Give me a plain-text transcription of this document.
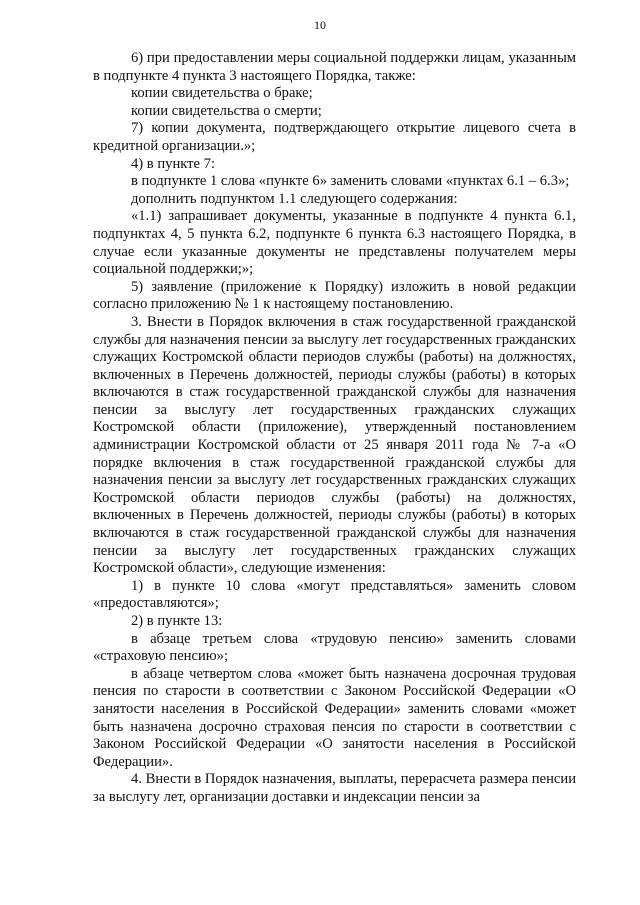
10

6) при предоставлении меры социальной поддержки лицам, указанным в подпункте 4 пункта 3 настоящего Порядка, также:

копии свидетельства о браке;

копии свидетельства о смерти;

7) копии документа, подтверждающего открытие лицевого счета в кредитной организации.»;

4) в пункте 7:

в подпункте 1 слова «пункте 6» заменить словами «пунктах 6.1 – 6.3»;

дополнить подпунктом 1.1 следующего содержания:

«1.1) запрашивает документы, указанные в подпункте 4 пункта 6.1, подпунктах 4, 5 пункта 6.2, подпункте 6 пункта 6.3 настоящего Порядка, в случае если указанные документы не представлены получателем меры социальной поддержки;»;

5) заявление (приложение к Порядку) изложить в новой редакции согласно приложению № 1 к настоящему постановлению.

3. Внести в Порядок включения в стаж государственной гражданской службы для назначения пенсии за выслугу лет государственных гражданских служащих Костромской области периодов службы (работы) на должностях, включенных в Перечень должностей, периоды службы (работы) в которых включаются в стаж государственной гражданской службы для назначения пенсии за выслугу лет государственных гражданских служащих Костромской области (приложение), утвержденный постановлением администрации Костромской области от 25 января 2011 года № 7-а «О порядке включения в стаж государственной гражданской службы для назначения пенсии за выслугу лет государственных гражданских служащих Костромской области периодов службы (работы) на должностях, включенных в Перечень должностей, периоды службы (работы) в которых включаются в стаж государственной гражданской службы для назначения пенсии за выслугу лет государственных гражданских служащих Костромской области», следующие изменения:

1) в пункте 10 слова «могут представляться» заменить словом «предоставляются»;

2) в пункте 13:

в абзаце третьем слова «трудовую пенсию» заменить словами «страховую пенсию»;

в абзаце четвертом слова «может быть назначена досрочная трудовая пенсия по старости в соответствии с Законом Российской Федерации «О занятости населения в Российской Федерации» заменить словами «может быть назначена досрочно страховая пенсия по старости в соответствии с Законом Российской Федерации «О занятости населения в Российской Федерации».

4. Внести в Порядок назначения, выплаты, перерасчета размера пенсии за выслугу лет, организации доставки и индексации пенсии за
